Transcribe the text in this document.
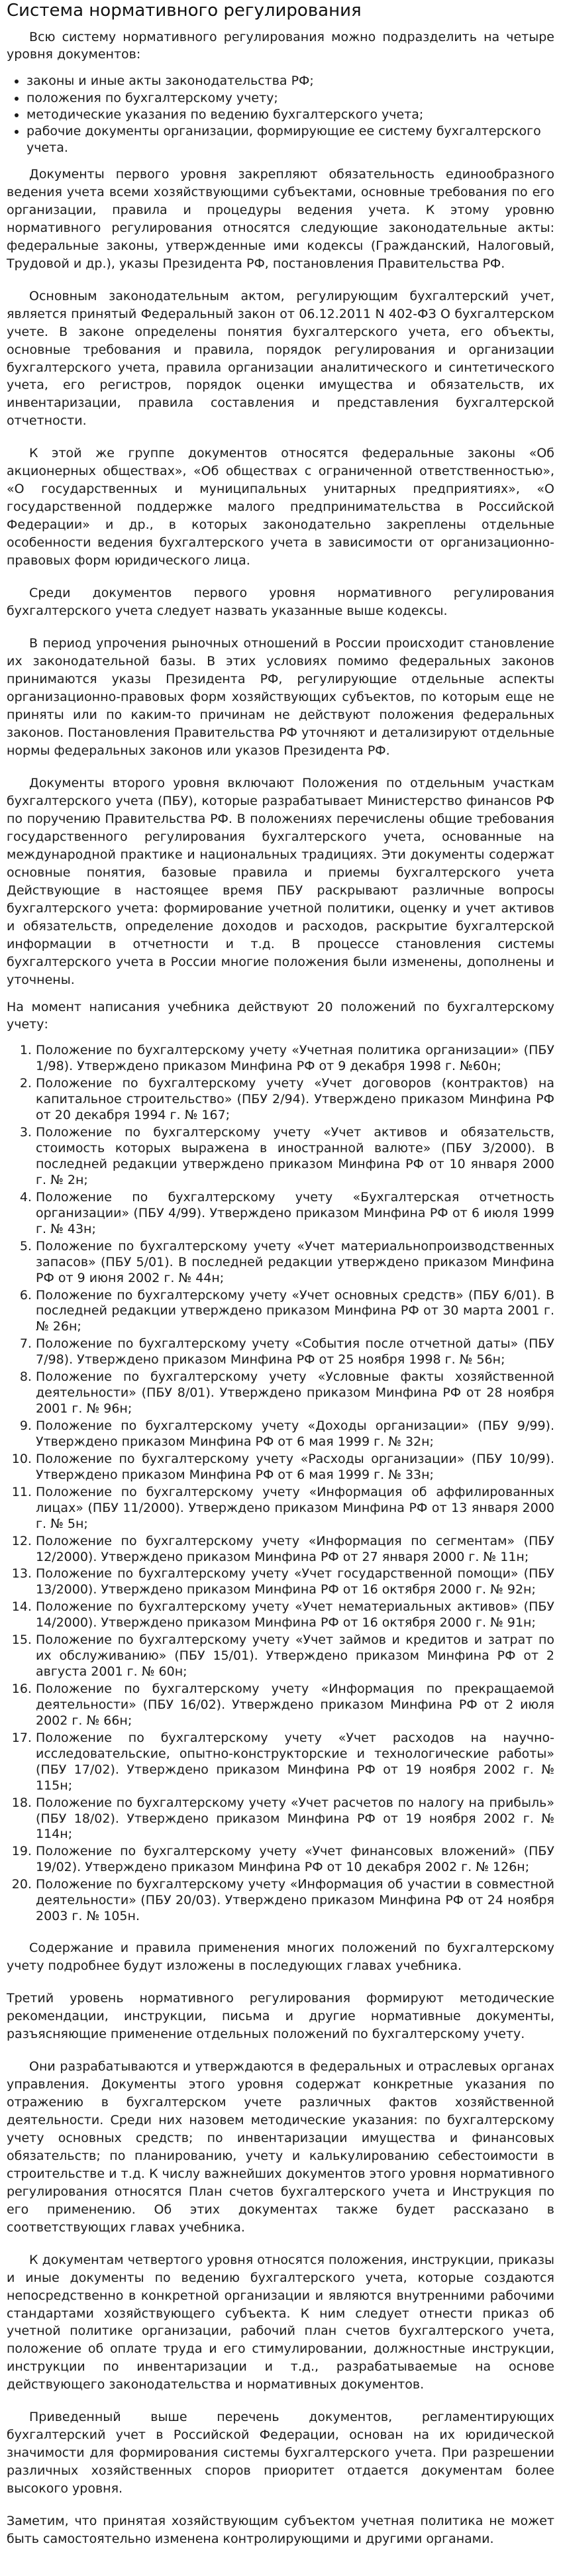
Система нормативного регулирования

Всю систему нормативного регулирования можно подразделить на четыре уровня документов:

• законы и иные акты законодательства РФ;
• положения по бухгалтерскому учету;
• методические указания по ведению бухгалтерского учета;
• рабочие документы организации, формирующие ее систему бухгалтерского учета.

Документы первого уровня закрепляют обязательность единообразного ведения учета всеми хозяйствующими субъектами, основные требования по его организации, правила и процедуры ведения учета. К этому уровню нормативного регулирования относятся следующие законодательные акты: федеральные законы, утвержденные ими кодексы (Гражданский, Налоговый, Трудовой и др.), указы Президента РФ, постановления Правительства РФ.

Основным законодательным актом, регулирующим бухгалтерский учет, является принятый Федеральный закон от 06.12.2011 N 402-ФЗ О бухгалтерском учете. В законе определены понятия бухгалтерского учета, его объекты, основные требования и правила, порядок регулирования и организации бухгалтерского учета, правила организации аналитического и синтетического учета, его регистров, порядок оценки имущества и обязательств, их инвентаризации, правила составления и представления бухгалтерской отчетности.

К этой же группе документов относятся федеральные законы «Об акционерных обществах», «Об обществах с ограниченной ответственностью», «О государственных и муниципальных унитарных предприятиях», «О государственной поддержке малого предпринимательства в Российской Федерации» и др., в которых законодательно закреплены отдельные особенности ведения бухгалтерского учета в зависимости от организационно-правовых форм юридического лица.

Среди документов первого уровня нормативного регулирования бухгалтерского учета следует назвать указанные выше кодексы.

В период упрочения рыночных отношений в России происходит становление их законодательной базы. В этих условиях помимо федеральных законов принимаются указы Президента РФ, регулирующие отдельные аспекты организационно-правовых форм хозяйствующих субъектов, по которым еще не приняты или по каким-то причинам не действуют положения федеральных законов. Постановления Правительства РФ уточняют и детализируют отдельные нормы федеральных законов или указов Президента РФ.

Документы второго уровня включают Положения по отдельным участкам бухгалтерского учета (ПБУ), которые разрабатывает Министерство финансов РФ по поручению Правительства РФ. В положениях перечислены общие требования государственного регулирования бухгалтерского учета, основанные на международной практике и национальных традициях. Эти документы содержат основные понятия, базовые правила и приемы бухгалтерского учета Действующие в настоящее время ПБУ раскрывают различные вопросы бухгалтерского учета: формирование учетной политики, оценку и учет активов и обязательств, определение доходов и расходов, раскрытие бухгалтерской информации в отчетности и т.д. В процессе становления системы бухгалтерского учета в России многие положения были изменены, дополнены и уточнены.

На момент написания учебника действуют 20 положений по бухгалтерскому учету:

1. Положение по бухгалтерскому учету «Учетная политика организации» (ПБУ 1/98). Утверждено приказом Минфина РФ от 9 декабря 1998 г. №60н;
2. Положение по бухгалтерскому учету «Учет договоров (контрактов) на капитальное строительство» (ПБУ 2/94). Утверждено приказом Минфина РФ от 20 декабря 1994 г. № 167;
3. Положение по бухгалтерскому учету «Учет активов и обязательств, стоимость которых выражена в иностранной валюте» (ПБУ 3/2000). В последней редакции утверждено приказом Минфина РФ от 10 января 2000 г. № 2н;
4. Положение по бухгалтерскому учету «Бухгалтерская отчетность организации» (ПБУ 4/99). Утверждено приказом Минфина РФ от 6 июля 1999 г. № 43н;
5. Положение по бухгалтерскому учету «Учет материальнопроизводственных запасов» (ПБУ 5/01). В последней редакции утверждено приказом Минфина РФ от 9 июня 2002 г. № 44н;
6. Положение по бухгалтерскому учету «Учет основных средств» (ПБУ 6/01). В последней редакции утверждено приказом Минфина РФ от 30 марта 2001 г. № 26н;
7. Положение по бухгалтерскому учету «События после отчетной даты» (ПБУ 7/98). Утверждено приказом Минфина РФ от 25 ноября 1998 г. № 56н;
8. Положение по бухгалтерскому учету «Условные факты хозяйственной деятельности» (ПБУ 8/01). Утверждено приказом Минфина РФ от 28 ноября 2001 г. № 96н;
9. Положение по бухгалтерскому учету «Доходы организации» (ПБУ 9/99). Утверждено приказом Минфина РФ от 6 мая 1999 г. № 32н;
10. Положение по бухгалтерскому учету «Расходы организации» (ПБУ 10/99). Утверждено приказом Минфина РФ от 6 мая 1999 г. № 33н;
11. Положение по бухгалтерскому учету «Информация об аффилированных лицах» (ПБУ 11/2000). Утверждено приказом Минфина РФ от 13 января 2000 г. № 5н;
12. Положение по бухгалтерскому учету «Информация по сегментам» (ПБУ 12/2000). Утверждено приказом Минфина РФ от 27 января 2000 г. № 11н;
13. Положение по бухгалтерскому учету «Учет государственной помощи» (ПБУ 13/2000). Утверждено приказом Минфина РФ от 16 октября 2000 г. № 92н;
14. Положение по бухгалтерскому учету «Учет нематериальных активов» (ПБУ 14/2000). Утверждено приказом Минфина РФ от 16 октября 2000 г. № 91н;
15. Положение по бухгалтерскому учету «Учет займов и кредитов и затрат по их обслуживанию» (ПБУ 15/01). Утверждено приказом Минфина РФ от 2 августа 2001 г. № 60н;
16. Положение по бухгалтерскому учету «Информация по прекращаемой деятельности» (ПБУ 16/02). Утверждено приказом Минфина РФ от 2 июля 2002 г. № 66н;
17. Положение по бухгалтерскому учету «Учет расходов на научно-исследовательские, опытно-конструкторские и технологические работы» (ПБУ 17/02). Утверждено приказом Минфина РФ от 19 ноября 2002 г. № 115н;
18. Положение по бухгалтерскому учету «Учет расчетов по налогу на прибыль» (ПБУ 18/02). Утверждено приказом Минфина РФ от 19 ноября 2002 г. № 114н;
19. Положение по бухгалтерскому учету «Учет финансовых вложений» (ПБУ 19/02). Утверждено приказом Минфина РФ от 10 декабря 2002 г. № 126н;
20. Положение по бухгалтерскому учету «Информация об участии в совместной деятельности» (ПБУ 20/03). Утверждено приказом Минфина РФ от 24 ноября 2003 г. № 105н.

Содержание и правила применения многих положений по бухгалтерскому учету подробнее будут изложены в последующих главах учебника.

Третий уровень нормативного регулирования формируют методические рекомендации, инструкции, письма и другие нормативные документы, разъясняющие применение отдельных положений по бухгалтерскому учету.

Они разрабатываются и утверждаются в федеральных и отраслевых органах управления. Документы этого уровня содержат конкретные указания по отражению в бухгалтерском учете различных фактов хозяйственной деятельности. Среди них назовем методические указания: по бухгалтерскому учету основных средств; по инвентаризации имущества и финансовых обязательств; по планированию, учету и калькулированию себестоимости в строительстве и т.д. К числу важнейших документов этого уровня нормативного регулирования относятся План счетов бухгалтерского учета и Инструкция по его применению. Об этих документах также будет рассказано в соответствующих главах учебника.

К документам четвертого уровня относятся положения, инструкции, приказы и иные документы по ведению бухгалтерского учета, которые создаются непосредственно в конкретной организации и являются внутренними рабочими стандартами хозяйствующего субъекта. К ним следует отнести приказ об учетной политике организации, рабочий план счетов бухгалтерского учета, положение об оплате труда и его стимулировании, должностные инструкции, инструкции по инвентаризации и т.д., разрабатываемые на основе действующего законодательства и нормативных документов.

Приведенный выше перечень документов, регламентирующих бухгалтерский учет в Российской Федерации, основан на их юридической значимости для формирования системы бухгалтерского учета. При разрешении различных хозяйственных споров приоритет отдается документам более высокого уровня.

Заметим, что принятая хозяйствующим субъектом учетная политика не может быть самостоятельно изменена контролирующими и другими органами.
